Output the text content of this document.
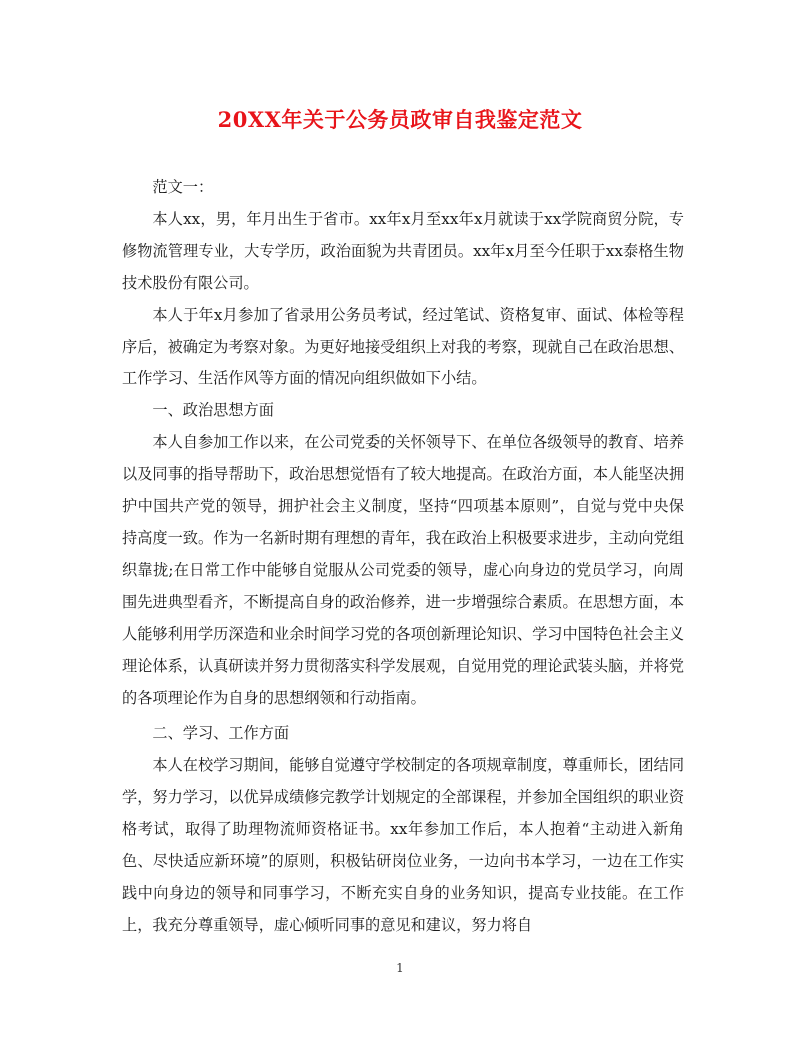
20XX年关于公务员政审自我鉴定范文

范文一：

本人xx，男，年月出生于省市。xx年x月至xx年x月就读于xx学院商贸分院，专修物流管理专业，大专学历，政治面貌为共青团员。xx年x月至今任职于xx泰格生物技术股份有限公司。

本人于年x月参加了省录用公务员考试，经过笔试、资格复审、面试、体检等程序后，被确定为考察对象。为更好地接受组织上对我的考察，现就自己在政治思想、工作学习、生活作风等方面的情况向组织做如下小结。

一、政治思想方面

本人自参加工作以来，在公司党委的关怀领导下、在单位各级领导的教育、培养以及同事的指导帮助下，政治思想觉悟有了较大地提高。在政治方面，本人能坚决拥护中国共产党的领导，拥护社会主义制度，坚持“四项基本原则”，自觉与党中央保持高度一致。作为一名新时期有理想的青年，我在政治上积极要求进步，主动向党组织靠拢;在日常工作中能够自觉服从公司党委的领导，虚心向身边的党员学习，向周围先进典型看齐，不断提高自身的政治修养，进一步增强综合素质。在思想方面，本人能够利用学历深造和业余时间学习党的各项创新理论知识、学习中国特色社会主义理论体系，认真研读并努力贯彻落实科学发展观，自觉用党的理论武装头脑，并将党的各项理论作为自身的思想纲领和行动指南。

二、学习、工作方面

本人在校学习期间，能够自觉遵守学校制定的各项规章制度，尊重师长，团结同学，努力学习，以优异成绩修完教学计划规定的全部课程，并参加全国组织的职业资格考试，取得了助理物流师资格证书。xx年参加工作后，本人抱着“主动进入新角色、尽快适应新环境”的原则，积极钻研岗位业务，一边向书本学习，一边在工作实践中向身边的领导和同事学习，不断充实自身的业务知识，提高专业技能。在工作上，我充分尊重领导，虚心倾听同事的意见和建议，努力将自

1
